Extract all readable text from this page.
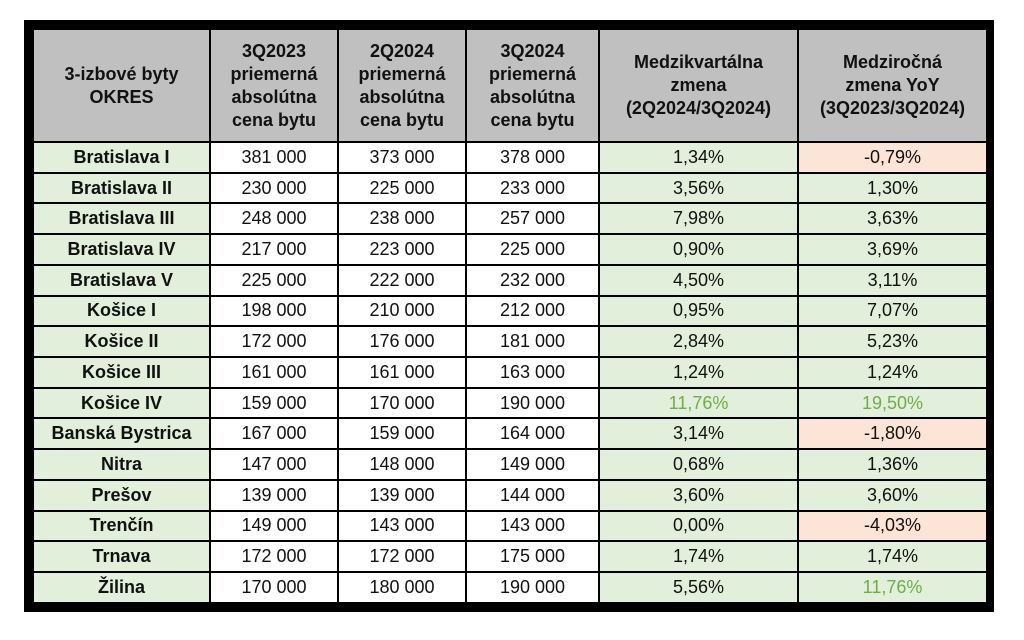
3-izbové byty
OKRES	3Q2023
priemerná
absolútna
cena bytu	2Q2024
priemerná
absolútna
cena bytu	3Q2024
priemerná
absolútna
cena bytu	Medzikvartálna
zmena
(2Q2024/3Q2024)	Medziročná
zmena YoY
(3Q2023/3Q2024)

Bratislava I	381 000	373 000	378 000	1,34%	-0,79%
Bratislava II	230 000	225 000	233 000	3,56%	1,30%
Bratislava III	248 000	238 000	257 000	7,98%	3,63%
Bratislava IV	217 000	223 000	225 000	0,90%	3,69%
Bratislava V	225 000	222 000	232 000	4,50%	3,11%
Košice I	198 000	210 000	212 000	0,95%	7,07%
Košice II	172 000	176 000	181 000	2,84%	5,23%
Košice III	161 000	161 000	163 000	1,24%	1,24%
Košice IV	159 000	170 000	190 000	11,76%	19,50%
Banská Bystrica	167 000	159 000	164 000	3,14%	-1,80%
Nitra	147 000	148 000	149 000	0,68%	1,36%
Prešov	139 000	139 000	144 000	3,60%	3,60%
Trenčín	149 000	143 000	143 000	0,00%	-4,03%
Trnava	172 000	172 000	175 000	1,74%	1,74%
Žilina	170 000	180 000	190 000	5,56%	11,76%
